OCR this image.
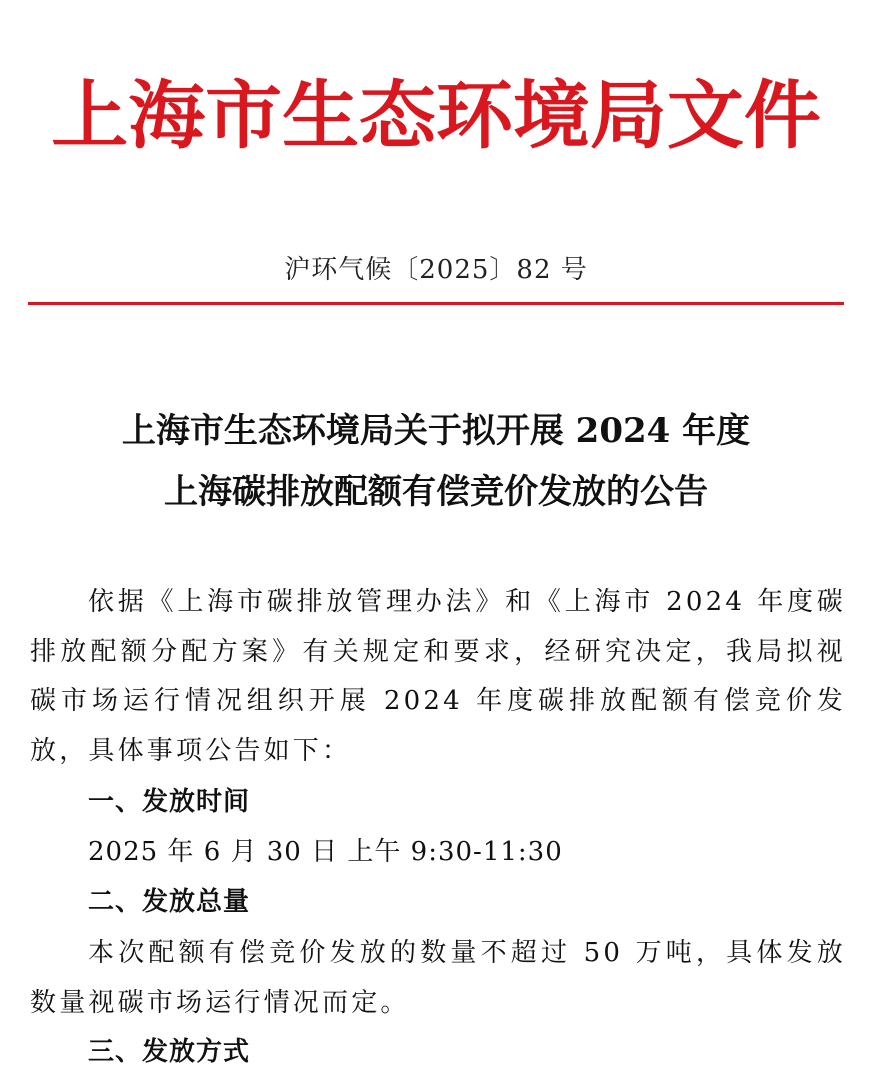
上海市生态环境局文件
沪环气候〔2025〕82 号
上海市生态环境局关于拟开展 2024 年度
上海碳排放配额有偿竞价发放的公告
依据《上海市碳排放管理办法》和《上海市 2024 年度碳排放配额分配方案》有关规定和要求，经研究决定，我局拟视碳市场运行情况组织开展 2024 年度碳排放配额有偿竞价发放，具体事项公告如下：
一、发放时间
2025 年 6 月 30 日 上午 9:30-11:30
二、发放总量
本次配额有偿竞价发放的数量不超过 50 万吨，具体发放数量视碳市场运行情况而定。
三、发放方式
